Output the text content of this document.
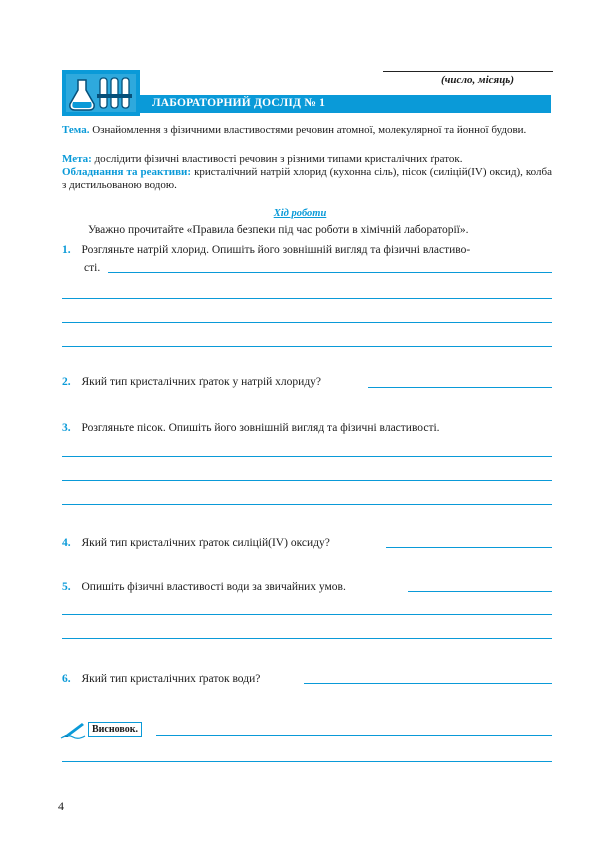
(число, місяць)
ЛАБОРАТОРНИЙ ДОСЛІД № 1
Тема. Ознайомлення з фізичними властивостями речовин атомної, молекулярної та йонної будови.
Мета: дослідити фізичні властивості речовин з різними типами кристалічних ґраток.
Обладнання та реактиви: кристалічний натрій хлорид (кухонна сіль), пісок (силіцій(IV) оксид), колба з дистильованою водою.
Хід роботи
Уважно прочитайте «Правила безпеки під час роботи в хімічній лабораторії».
1. Розгляньте натрій хлорид. Опишіть його зовнішній вигляд та фізичні властиво-
сті.
2. Який тип кристалічних ґраток у натрій хлориду?
3. Розгляньте пісок. Опишіть його зовнішній вигляд та фізичні властивості.
4. Який тип кристалічних ґраток силіцій(IV) оксиду?
5. Опишіть фізичні властивості води за звичайних умов.
6. Який тип кристалічних ґраток води?
Висновок.
4
